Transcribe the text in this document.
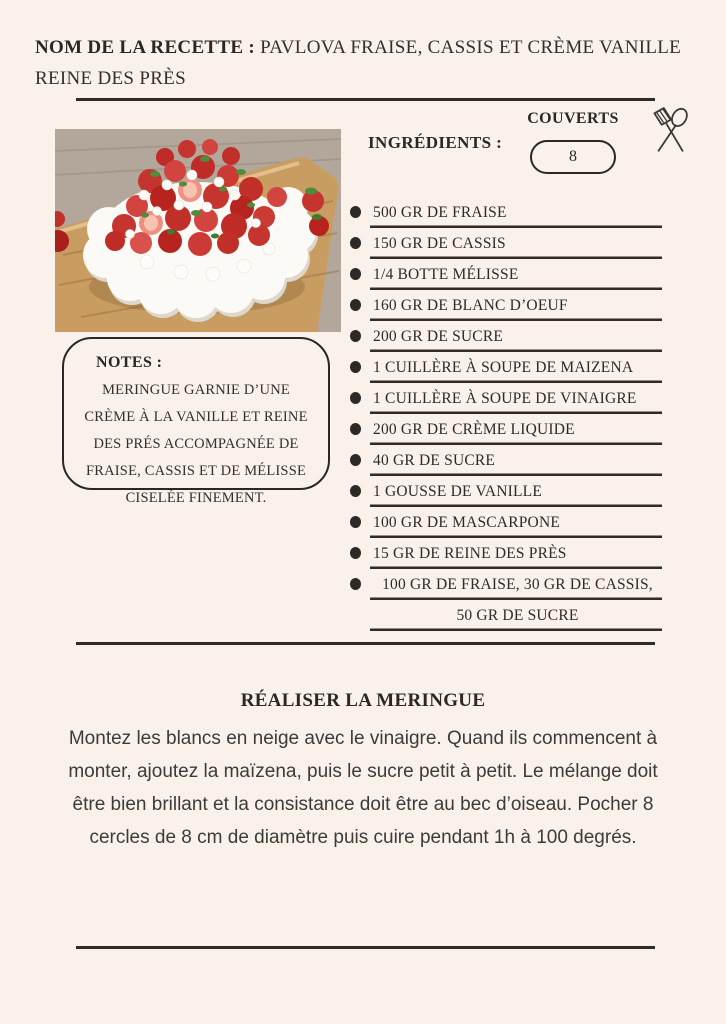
NOM DE LA RECETTE : PAVLOVA FRAISE, CASSIS ET CRÈME VANILLE REINE DES PRÈS
INGRÉDIENTS :
COUVERTS
8
500 GR DE FRAISE
150 GR DE CASSIS
1/4 BOTTE MÉLISSE
160 GR DE BLANC D’OEUF
200 GR DE SUCRE
1 CUILLÈRE À SOUPE DE MAIZENA
1 CUILLÈRE À SOUPE DE VINAIGRE
200 GR DE CRÈME LIQUIDE
40 GR DE SUCRE
1 GOUSSE DE VANILLE
100 GR DE MASCARPONE
15 GR DE REINE DES PRÈS
100 GR DE FRAISE, 30 GR DE CASSIS, 50 GR DE SUCRE
NOTES :
MERINGUE GARNIE D’UNE CRÈME À LA VANILLE ET REINE DES PRÉS ACCOMPAGNÉE DE FRAISE, CASSIS ET DE MÉLISSE CISELÉE FINEMENT.
RÉALISER LA MERINGUE

Montez les blancs en neige avec le vinaigre. Quand ils commencent à monter, ajoutez la maïzena, puis le sucre petit à petit. Le mélange doit être bien brillant et la consistance doit être au bec d’oiseau. Pocher 8 cercles de 8 cm de diamètre puis cuire pendant 1h à 100 degrés.
